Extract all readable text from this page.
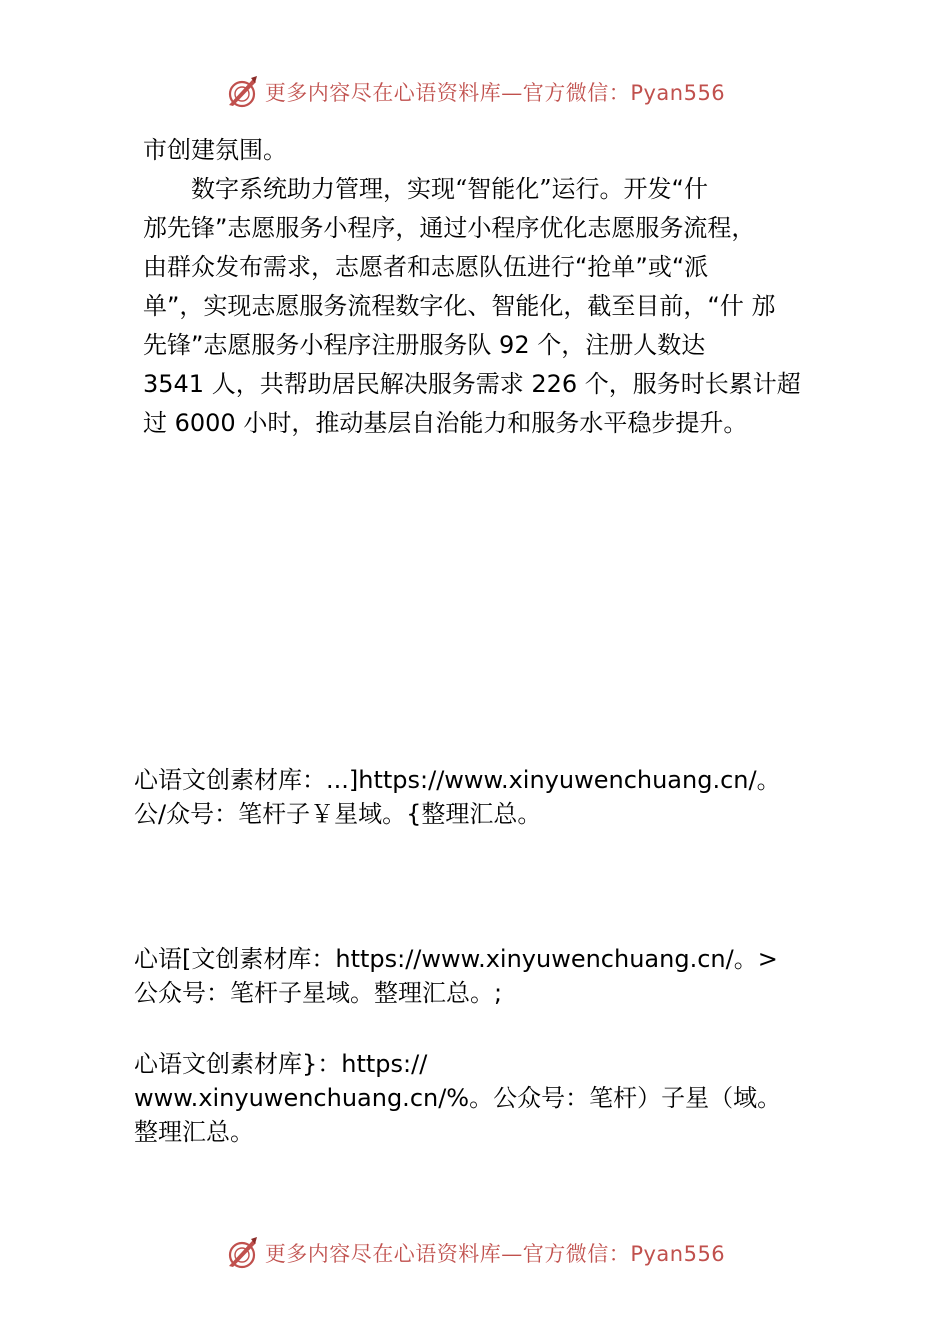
更多内容尽在心语资料库—官方微信：Pyan556
市创建氛围。
  数字系统助力管理，实现“智能化”运行。开发“什
邡先锋”志愿服务小程序，通过小程序优化志愿服务流程，
由群众发布需求，志愿者和志愿队伍进行“抢单”或“派
单”，实现志愿服务流程数字化、智能化，截至目前，“什 邡
先锋”志愿服务小程序注册服务队 92 个，注册人数达
3541 人，共帮助居民解决服务需求 226 个，服务时长累计超
过 6000 小时，推动基层自治能力和服务水平稳步提升。
心语文创素材库：...]https://www.xinyuwenchuang.cn/。
公/众号：笔杆子￥星域。{整理汇总。
心语[文创素材库：https://www.xinyuwenchuang.cn/。>
公众号：笔杆子星域。整理汇总。;
心语文创素材库}：https://
www.xinyuwenchuang.cn/%。公众号：笔杆）子星（域。
整理汇总。
更多内容尽在心语资料库—官方微信：Pyan556
